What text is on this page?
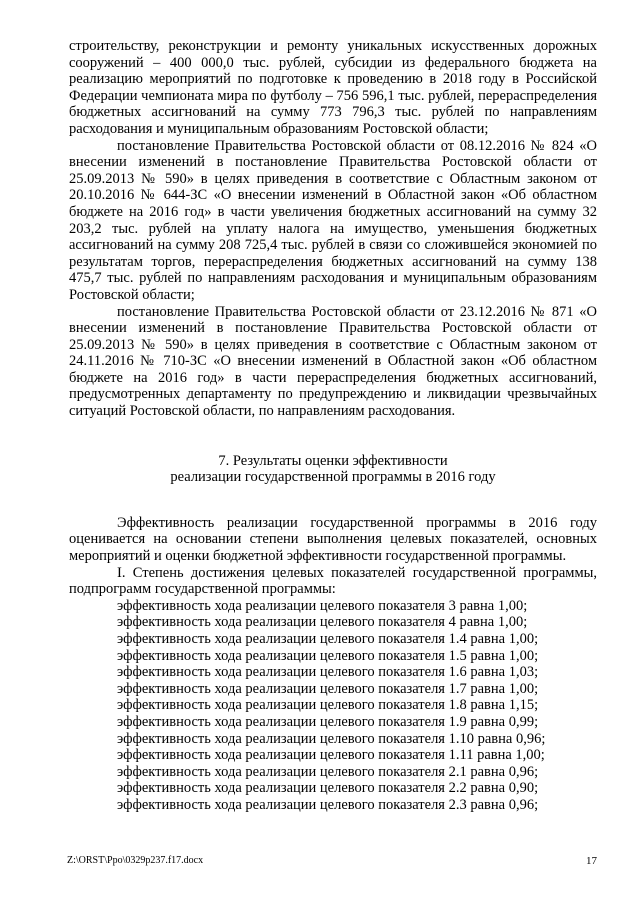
строительству, реконструкции и ремонту уникальных искусственных дорожных сооружений – 400 000,0 тыс. рублей, субсидии из федерального бюджета на реализацию мероприятий по подготовке к проведению в 2018 году в Российской Федерации чемпионата мира по футболу – 756 596,1 тыс. рублей, перераспределения бюджетных ассигнований на сумму 773 796,3 тыс. рублей по направлениям расходования и муниципальным образованиям Ростовской области;

постановление Правительства Ростовской области от 08.12.2016 № 824 «О внесении изменений в постановление Правительства Ростовской области от 25.09.2013 № 590» в целях приведения в соответствие с Областным законом от 20.10.2016 № 644-ЗС «О внесении изменений в Областной закон «Об областном бюджете на 2016 год» в части увеличения бюджетных ассигнований на сумму 32 203,2 тыс. рублей на уплату налога на имущество, уменьшения бюджетных ассигнований на сумму 208 725,4 тыс. рублей в связи со сложившейся экономией по результатам торгов, перераспределения бюджетных ассигнований на сумму 138 475,7 тыс. рублей по направлениям расходования и муниципальным образованиям Ростовской области;

постановление Правительства Ростовской области от 23.12.2016 № 871 «О внесении изменений в постановление Правительства Ростовской области от 25.09.2013 № 590» в целях приведения в соответствие с Областным законом от 24.11.2016 № 710-ЗС «О внесении изменений в Областной закон «Об областном бюджете на 2016 год» в части перераспределения бюджетных ассигнований, предусмотренных департаменту по предупреждению и ликвидации чрезвычайных ситуаций Ростовской области, по направлениям расходования.

7. Результаты оценки эффективности
реализации государственной программы в 2016 году

Эффективность реализации государственной программы в 2016 году оценивается на основании степени выполнения целевых показателей, основных мероприятий и оценки бюджетной эффективности государственной программы.

I. Степень достижения целевых показателей государственной программы, подпрограмм государственной программы:

эффективность хода реализации целевого показателя 3 равна 1,00;

эффективность хода реализации целевого показателя 4 равна 1,00;

эффективность хода реализации целевого показателя 1.4 равна 1,00;

эффективность хода реализации целевого показателя 1.5 равна 1,00;

эффективность хода реализации целевого показателя 1.6 равна 1,03;

эффективность хода реализации целевого показателя 1.7 равна 1,00;

эффективность хода реализации целевого показателя 1.8 равна 1,15;

эффективность хода реализации целевого показателя 1.9 равна 0,99;

эффективность хода реализации целевого показателя 1.10 равна 0,96;

эффективность хода реализации целевого показателя 1.11 равна 1,00;

эффективность хода реализации целевого показателя 2.1 равна 0,96;

эффективность хода реализации целевого показателя 2.2 равна 0,90;

эффективность хода реализации целевого показателя 2.3 равна 0,96;

Z:\ORST\Ppo\0329p237.f17.docx	17
